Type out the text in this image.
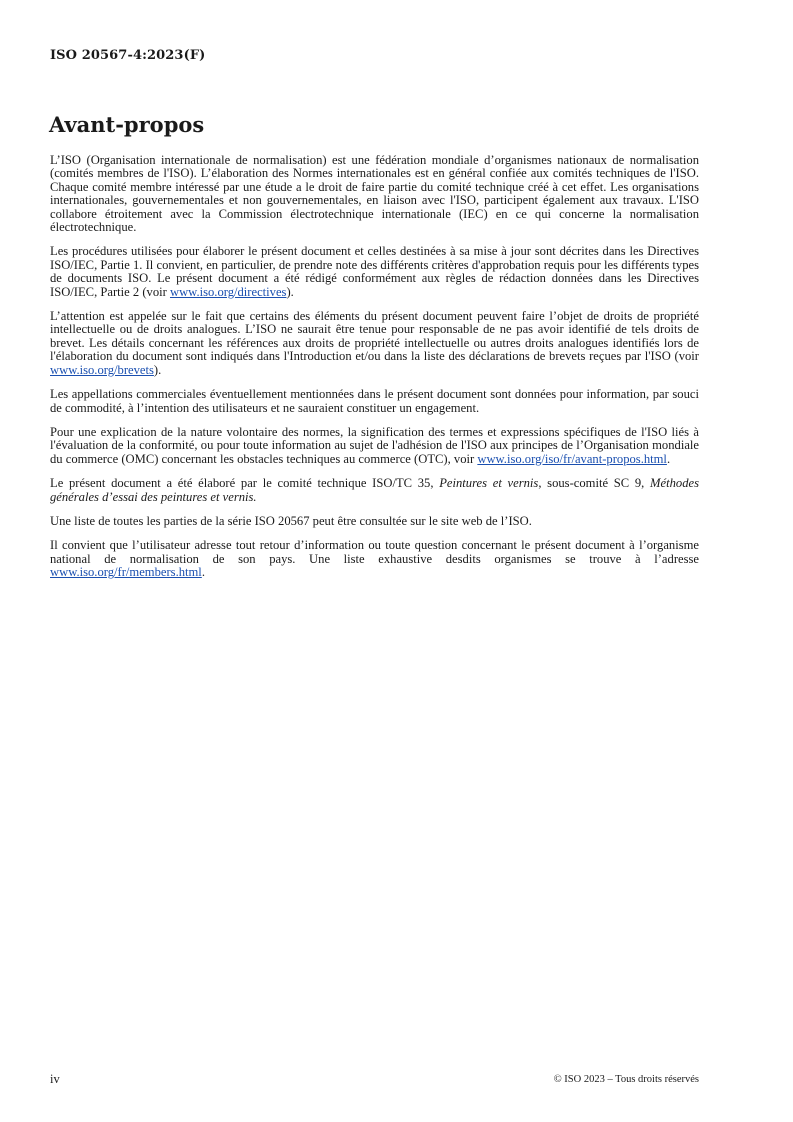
ISO 20567-4:2023(F)
Avant-propos

L’ISO (Organisation internationale de normalisation) est une fédération mondiale d’organismes nationaux de normalisation (comités membres de l'ISO). L’élaboration des Normes internationales est en général confiée aux comités techniques de l'ISO. Chaque comité membre intéressé par une étude a le droit de faire partie du comité technique créé à cet effet. Les organisations internationales, gouvernementales et non gouvernementales, en liaison avec l'ISO, participent également aux travaux. L'ISO collabore étroitement avec la Commission électrotechnique internationale (IEC) en ce qui concerne la normalisation électrotechnique.

Les procédures utilisées pour élaborer le présent document et celles destinées à sa mise à jour sont décrites dans les Directives ISO/IEC, Partie 1. Il convient, en particulier, de prendre note des différents critères d'approbation requis pour les différents types de documents ISO. Le présent document a été rédigé conformément aux règles de rédaction données dans les Directives ISO/IEC, Partie 2 (voir www.iso.org/directives).

L’attention est appelée sur le fait que certains des éléments du présent document peuvent faire l’objet de droits de propriété intellectuelle ou de droits analogues. L’ISO ne saurait être tenue pour responsable de ne pas avoir identifié de tels droits de brevet. Les détails concernant les références aux droits de propriété intellectuelle ou autres droits analogues identifiés lors de l'élaboration du document sont indiqués dans l'Introduction et/ou dans la liste des déclarations de brevets reçues par l'ISO (voir www.iso.org/brevets).

Les appellations commerciales éventuellement mentionnées dans le présent document sont données pour information, par souci de commodité, à l’intention des utilisateurs et ne sauraient constituer un engagement.

Pour une explication de la nature volontaire des normes, la signification des termes et expressions spécifiques de l'ISO liés à l'évaluation de la conformité, ou pour toute information au sujet de l'adhésion de l'ISO aux principes de l’Organisation mondiale du commerce (OMC) concernant les obstacles techniques au commerce (OTC), voir www.iso.org/iso/fr/avant-propos.html.

Le présent document a été élaboré par le comité technique ISO/TC 35, Peintures et vernis, sous-comité SC 9, Méthodes générales d’essai des peintures et vernis.

Une liste de toutes les parties de la série ISO 20567 peut être consultée sur le site web de l’ISO.

Il convient que l’utilisateur adresse tout retour d’information ou toute question concernant le présent document à l’organisme national de normalisation de son pays. Une liste exhaustive desdits organismes se trouve à l’adresse www.iso.org/fr/members.html.

iv	© ISO 2023 – Tous droits réservés
